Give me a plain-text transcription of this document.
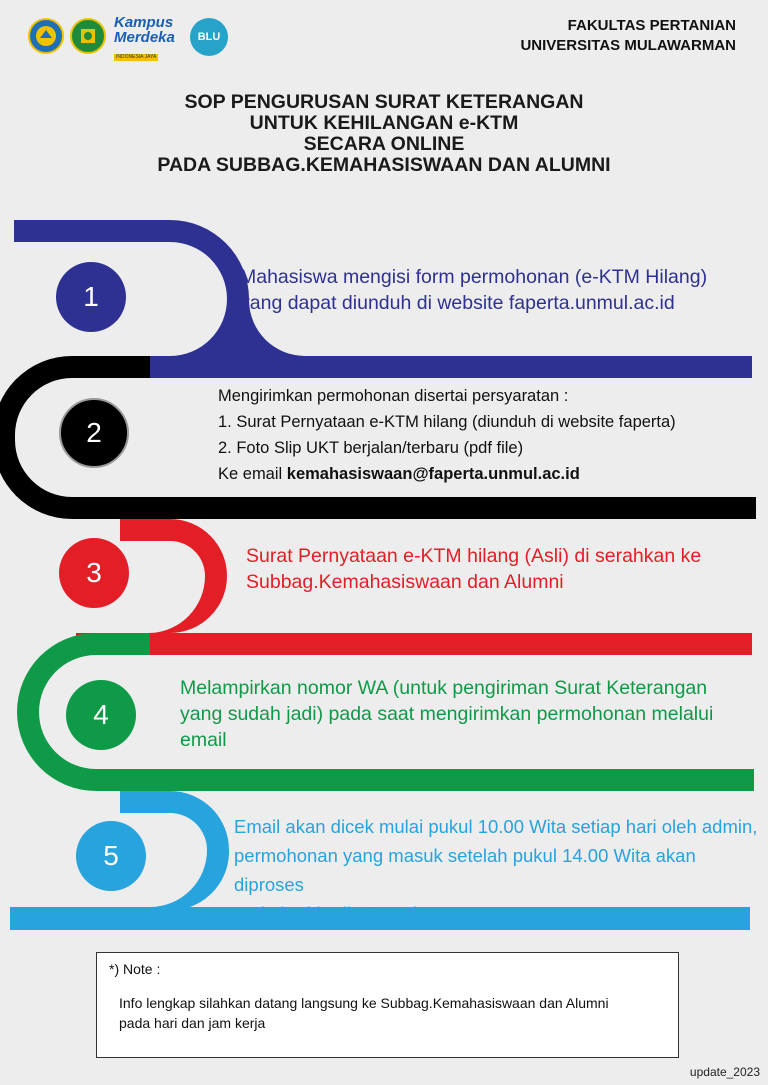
Kampus
Merdeka
INDONESIA JAYA
BLU
FAKULTAS PERTANIAN
UNIVERSITAS MULAWARMAN
SOP PENGURUSAN SURAT KETERANGAN
UNTUK KEHILANGAN e-KTM
SECARA ONLINE
PADA SUBBAG.KEMAHASISWAAN DAN ALUMNI
1
2
3
4
5
Mahasiswa mengisi form permohonan (e-KTM Hilang)
yang dapat diunduh di website faperta.unmul.ac.id
Mengirimkan permohonan disertai persyaratan :
1. Surat Pernyataan e-KTM hilang (diunduh di website faperta)
2. Foto Slip UKT berjalan/terbaru (pdf file)
Ke email kemahasiswaan@faperta.unmul.ac.id
Surat Pernyataan e-KTM hilang (Asli) di serahkan ke
Subbag.Kemahasiswaan dan Alumni
Melampirkan nomor WA (untuk pengiriman Surat Keterangan
yang sudah jadi) pada saat mengirimkan permohonan melalui
email
Email akan dicek mulai pukul 10.00 Wita setiap hari oleh admin,
permohonan yang masuk setelah pukul 14.00 Wita akan diproses
pada hari berikutnya *)
*) Note :
Info lengkap silahkan datang langsung ke Subbag.Kemahasiswaan dan Alumni
pada hari dan jam kerja
update_2023
